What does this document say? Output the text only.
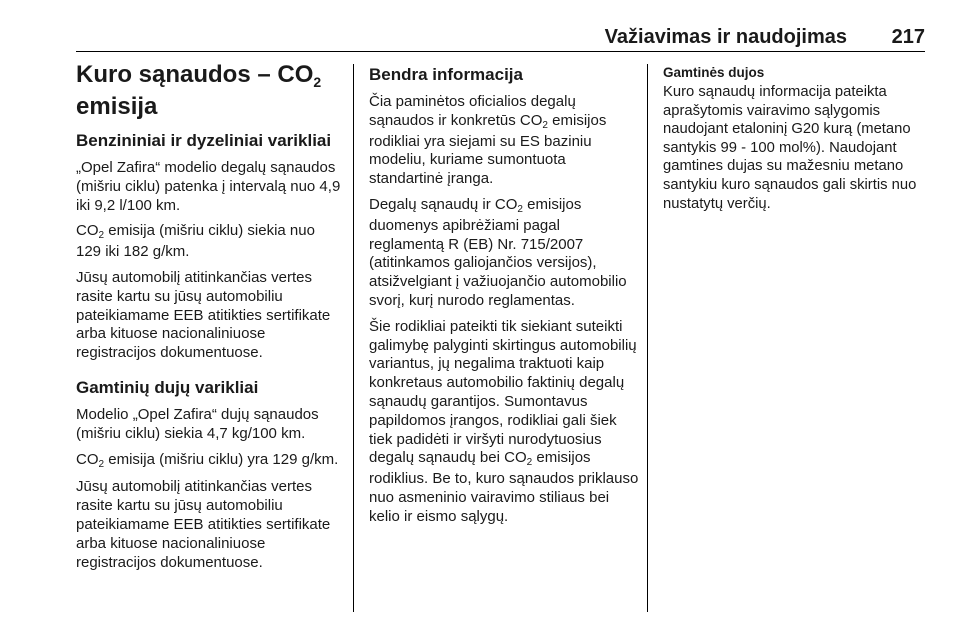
Važiavimas ir naudojimas 217
Kuro sąnaudos – $CO_2$
emisija
Benzininiai ir dyzeliniai varikliai
„Opel Zafira“ modelio degalų sąnaudos (mišriu ciklu) patenka į intervalą nuo 4,9 iki 9,2 l/100 km.
$CO_2$ emisija (mišriu ciklu) siekia nuo 129 iki 182 g/km.
Jūsų automobilį atitinkančias vertes rasite kartu su jūsų automobiliu pateikiamame EEB atitikties sertifikate arba kituose nacionaliniuose registracijos dokumentuose.
Gamtinių dujų varikliai
Modelio „Opel Zafira“ dujų sąnaudos (mišriu ciklu) siekia 4,7 kg/100 km.
$CO_2$ emisija (mišriu ciklu) yra 129 g/km.
Jūsų automobilį atitinkančias vertes rasite kartu su jūsų automobiliu pateikiamame EEB atitikties sertifikate arba kituose nacionaliniuose registracijos dokumentuose.
Bendra informacija
Čia paminėtos oficialios degalų sąnaudos ir konkretūs $CO_2$ emisijos rodikliai yra siejami su ES baziniu modeliu, kuriame sumontuota standartinė įranga.
Degalų sąnaudų ir $CO_2$ emisijos duomenys apibrėžiami pagal reglamentą R (EB) Nr. 715/2007 (atitinkamos galiojančios versijos), atsižvelgiant į važiuojančio automobilio svorį, kurį nurodo reglamentas.
Šie rodikliai pateikti tik siekiant suteikti galimybę palyginti skirtingus automobilių variantus, jų negalima traktuoti kaip konkretaus automobilio faktinių degalų sąnaudų garantijos. Sumontavus papildomos įrangos, rodikliai gali šiek tiek padidėti ir viršyti nurodytuosius degalų sąnaudų bei $CO_2$ emisijos rodiklius. Be to, kuro sąnaudos priklauso nuo asmeninio vairavimo stiliaus bei kelio ir eismo sąlygų.
Gamtinės dujos
Kuro sąnaudų informacija pateikta aprašytomis vairavimo sąlygomis naudojant etaloninį G20 kurą (metano santykis 99 - 100 mol%). Naudojant gamtines dujas su mažesniu metano santykiu kuro sąnaudos gali skirtis nuo nustatytų verčių.
